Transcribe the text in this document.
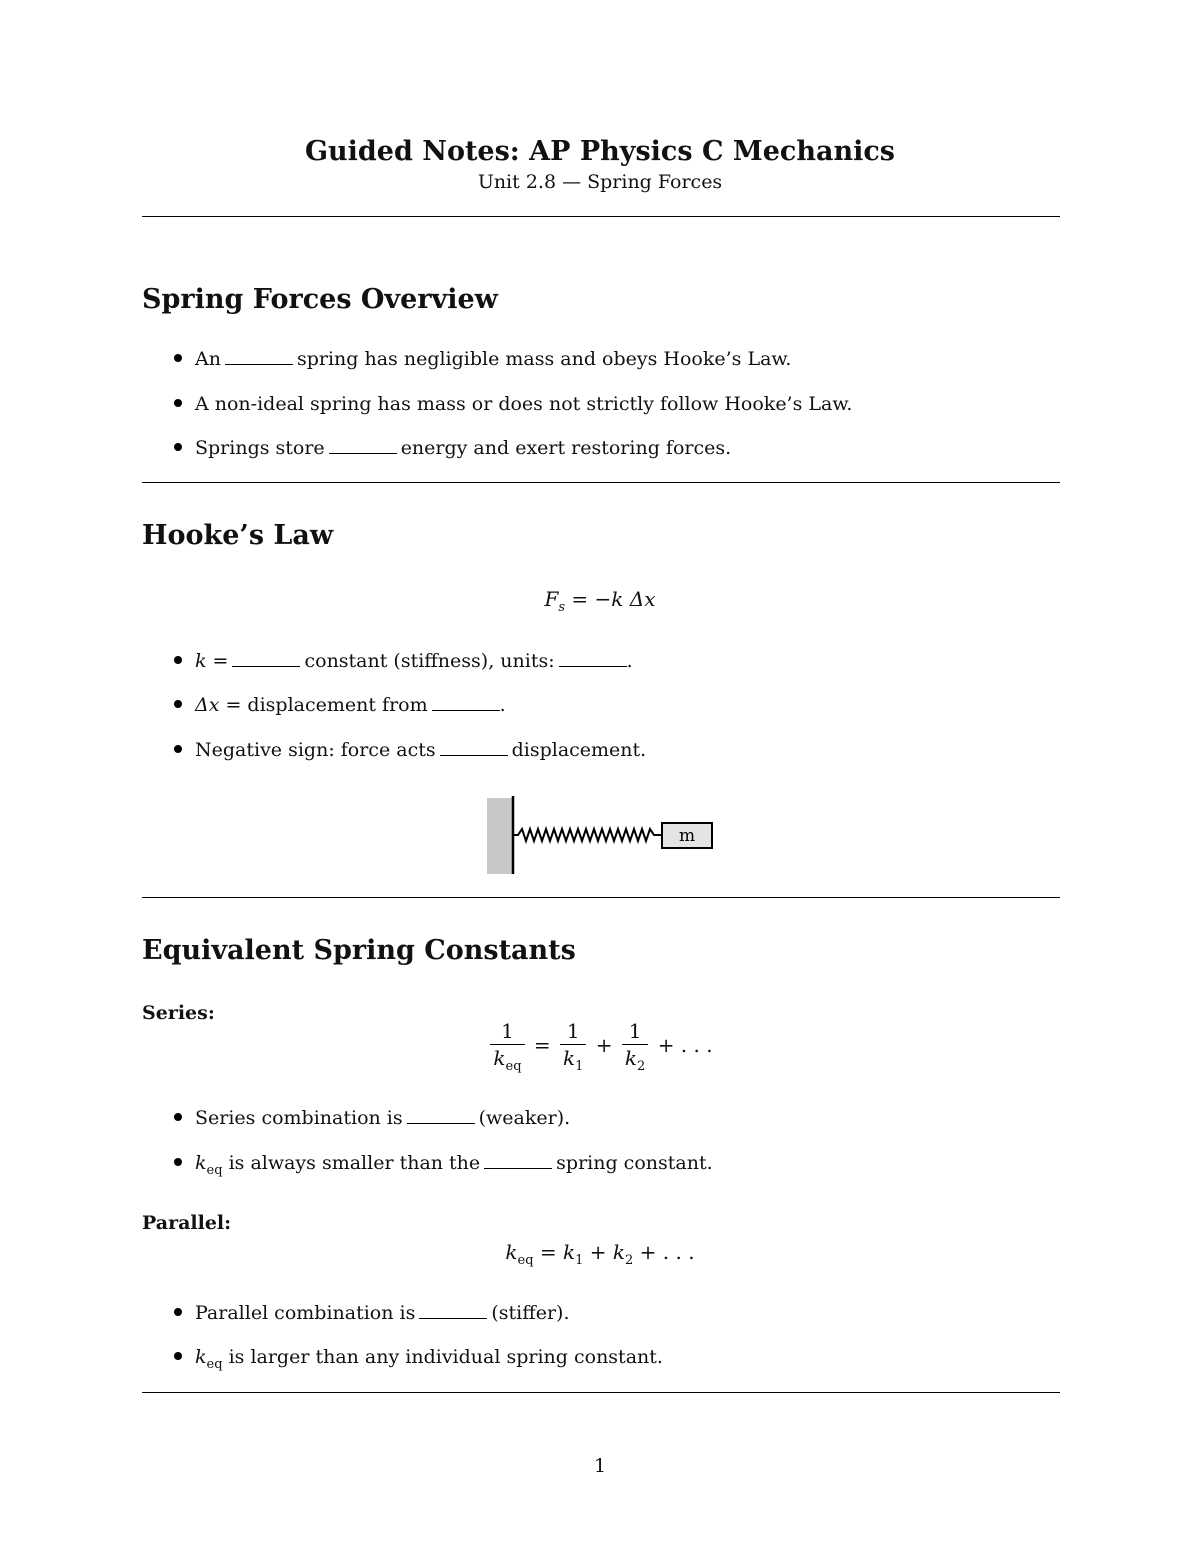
Guided Notes: AP Physics C Mechanics
Unit 2.8 — Spring Forces
Spring Forces Overview
An	spring has negligible mass and obeys Hooke’s Law.
A non-ideal spring has mass or does not strictly follow Hooke’s Law.
Springs store	energy and exert restoring forces.
Hooke’s Law
$F_s = -k$ Δx
k =	constant (stiffness), units:	.
Δx = displacement from	.
Negative sign: force acts	displacement.
m
Equivalent Spring Constants
Series:
$\frac{1}{k_{eq}} = \frac{1}{k_1} + \frac{1}{k_2}$ + . . .
Series combination is	(weaker).
$k_{eq}$ is always smaller than the	spring constant.
Parallel:
$k_{eq} = k_1 + k_2$ + . . .
Parallel combination is	(stiffer).
$k_{eq}$ is larger than any individual spring constant.
1
